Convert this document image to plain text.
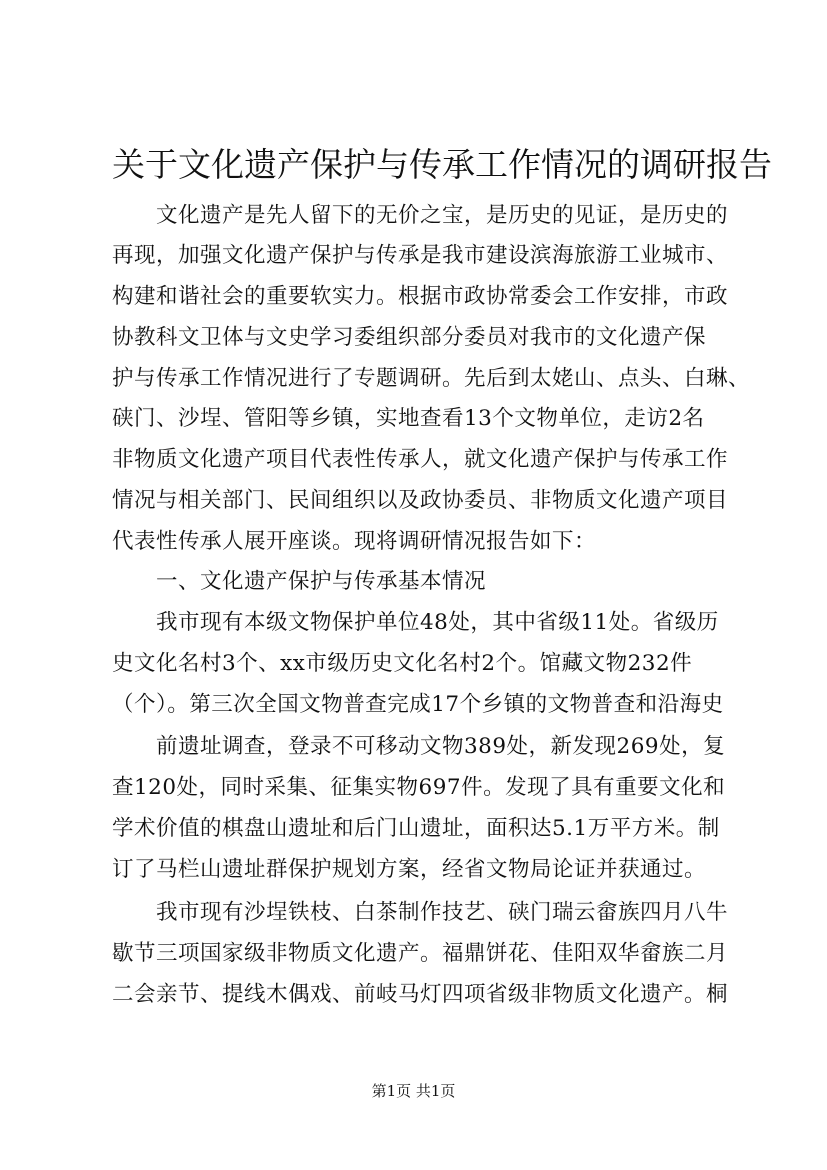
关于文化遗产保护与传承工作情况的调研报告
　　文化遗产是先人留下的无价之宝，是历史的见证，是历史的
再现，加强文化遗产保护与传承是我市建设滨海旅游工业城市、
构建和谐社会的重要软实力。根据市政协常委会工作安排，市政
协教科文卫体与文史学习委组织部分委员对我市的文化遗产保
护与传承工作情况进行了专题调研。先后到太姥山、点头、白琳、
硖门、沙埕、管阳等乡镇，实地查看13个文物单位，走访2名
非物质文化遗产项目代表性传承人，就文化遗产保护与传承工作
情况与相关部门、民间组织以及政协委员、非物质文化遗产项目
代表性传承人展开座谈。现将调研情况报告如下：
　　一、文化遗产保护与传承基本情况
　　我市现有本级文物保护单位48处，其中省级11处。省级历
史文化名村3个、xx市级历史文化名村2个。馆藏文物232件
（个）。第三次全国文物普查完成17个乡镇的文物普查和沿海史
　　前遗址调查，登录不可移动文物389处，新发现269处，复
查120处，同时采集、征集实物697件。发现了具有重要文化和
学术价值的棋盘山遗址和后门山遗址，面积达5.1万平方米。制
订了马栏山遗址群保护规划方案，经省文物局论证并获通过。
　　我市现有沙埕铁枝、白茶制作技艺、硖门瑞云畲族四月八牛
歇节三项国家级非物质文化遗产。福鼎饼花、佳阳双华畲族二月
二会亲节、提线木偶戏、前岐马灯四项省级非物质文化遗产。桐
第1页 共1页
